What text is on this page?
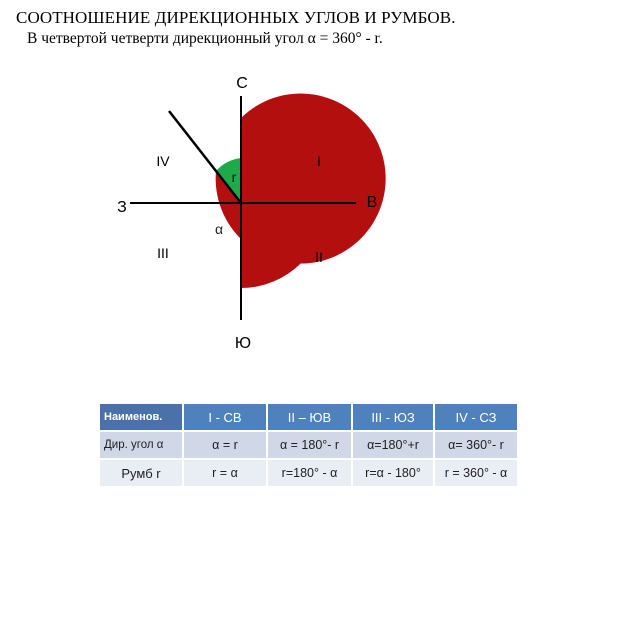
СООТНОШЕНИЕ ДИРЕКЦИОННЫХ УГЛОВ И РУМБОВ.
В четвертой четверти дирекционный угол α = 360° - r.
С
Ю
В
З
I
II
III
IV
α
r
Наименов.	I - СВ	II – ЮВ	III - ЮЗ	IV - СЗ
Дир. угол α	α = r	α = 180°- r	α=180°+r	α= 360°- r
Румб r	r = α	r=180° - α	r=α - 180°	r = 360° - α
